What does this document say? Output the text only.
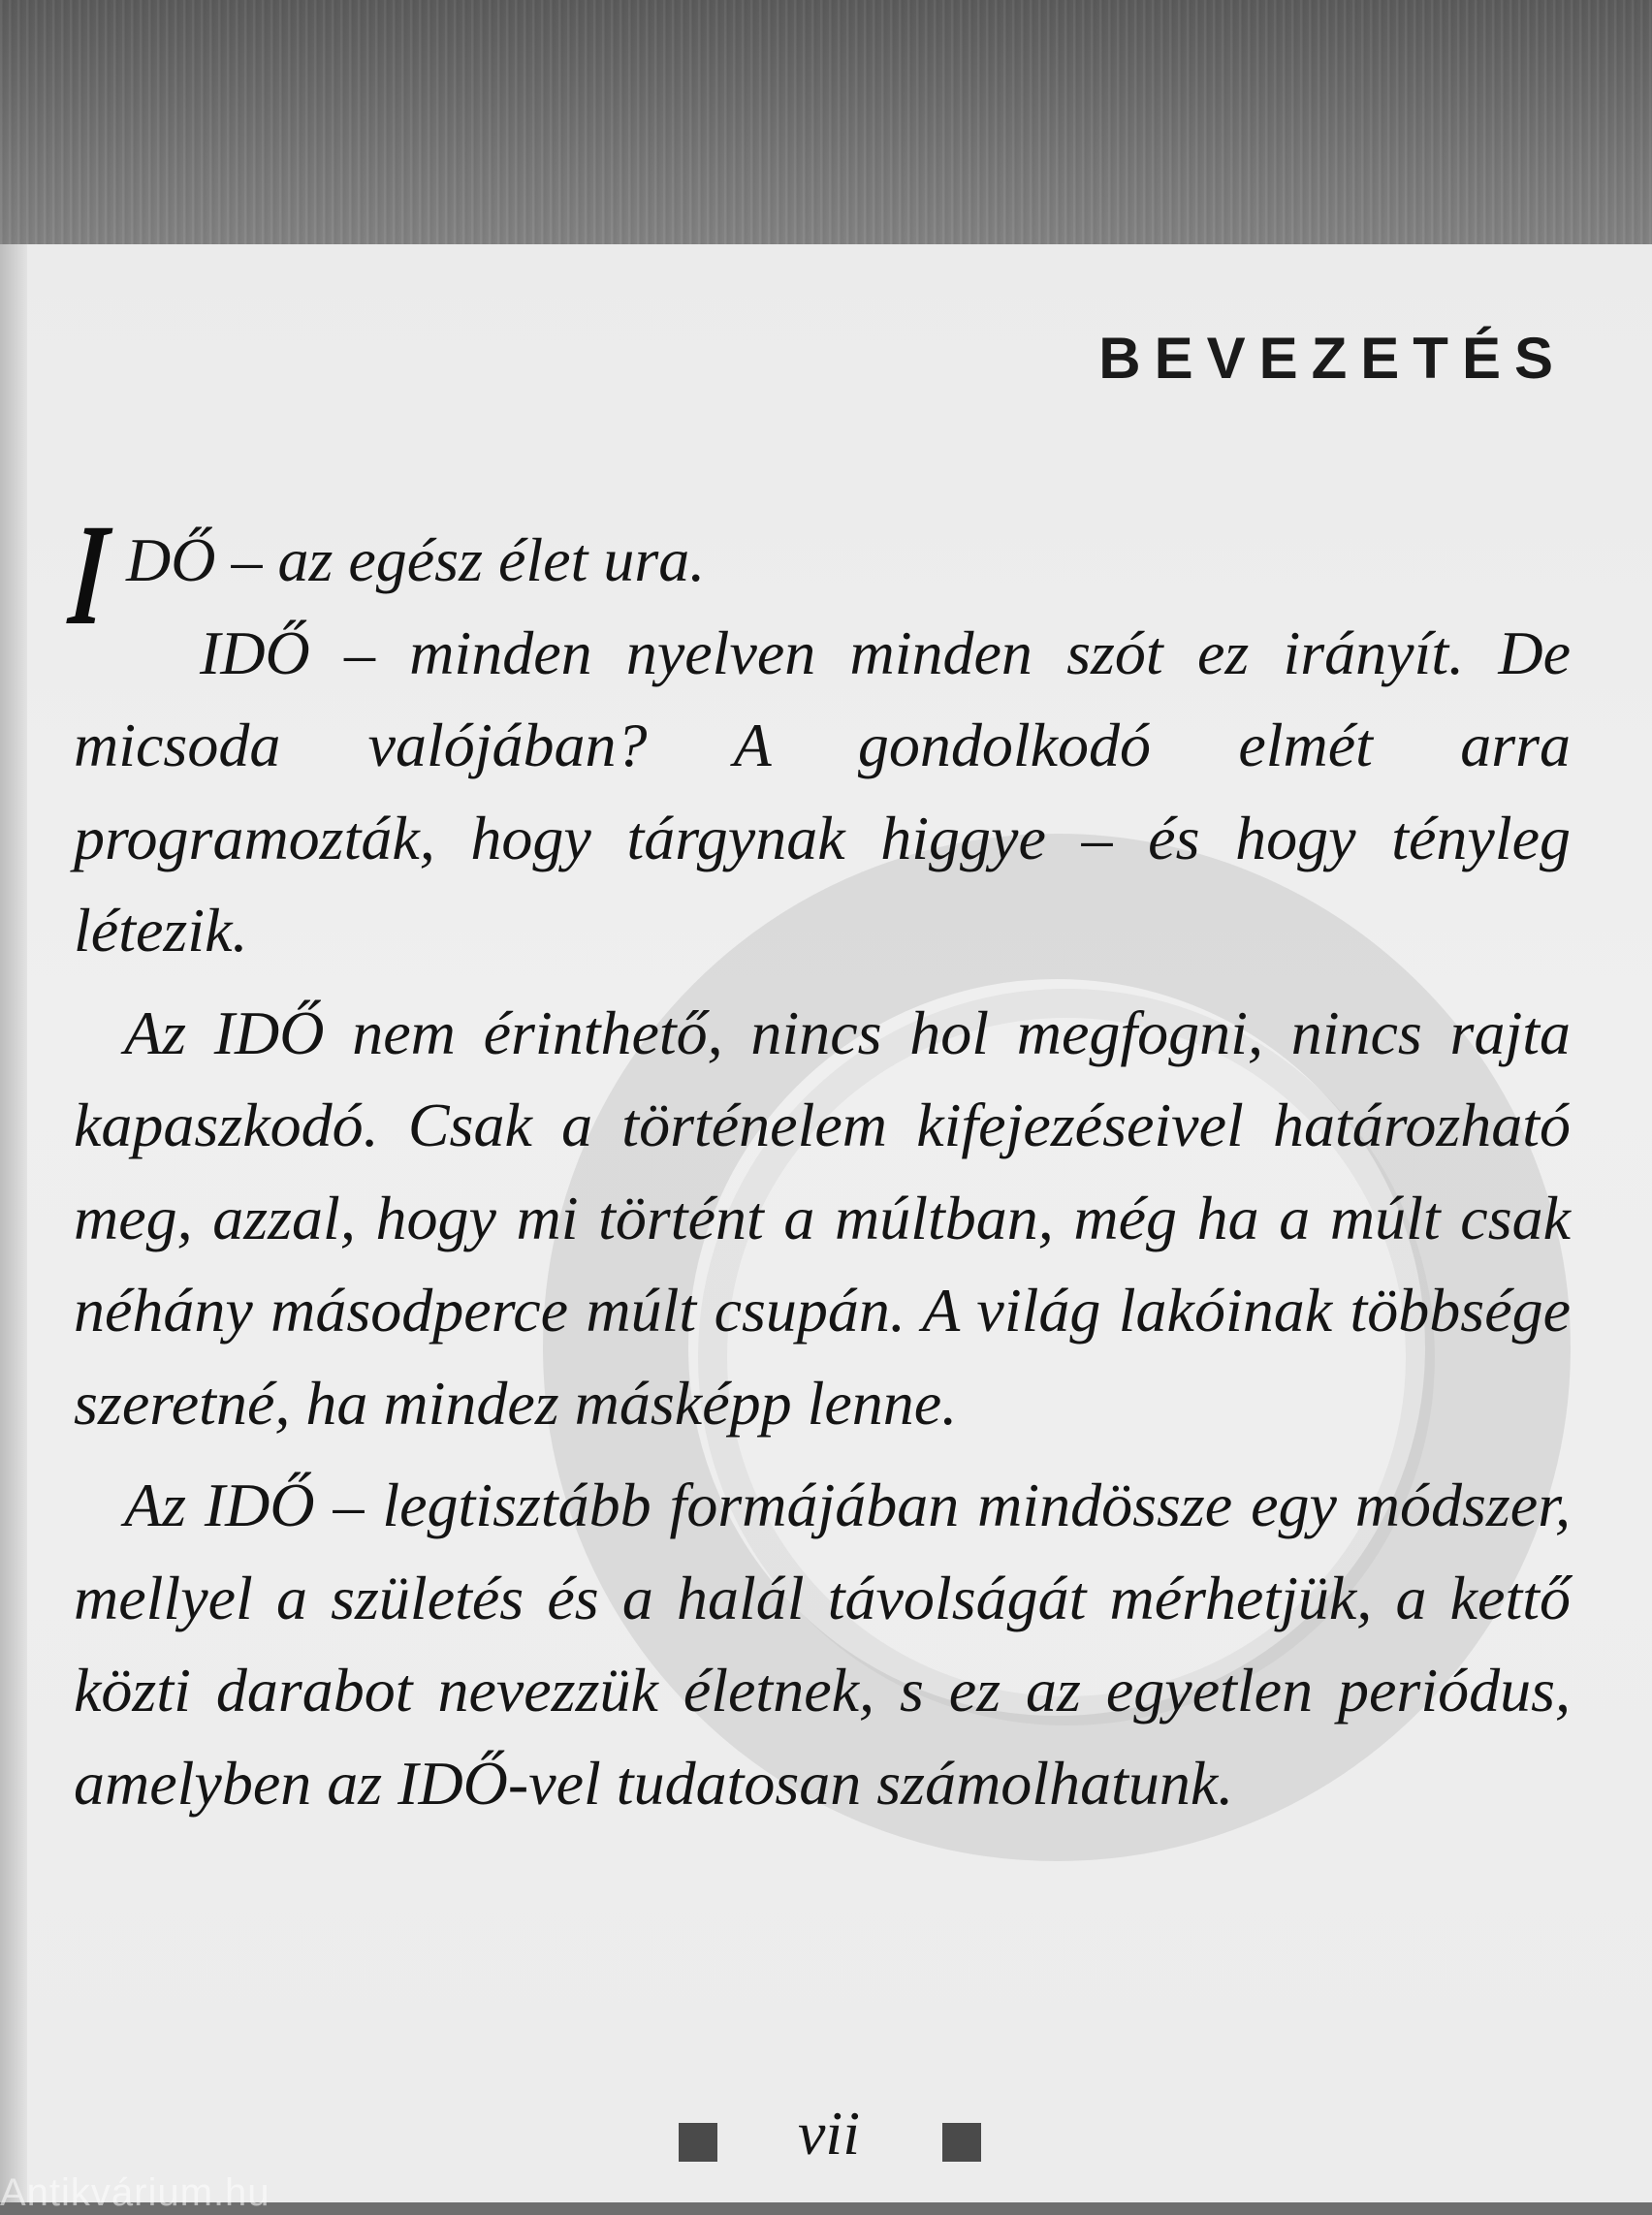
BEVEZETÉS
I DŐ – az egész élet ura.

IDŐ – minden nyelven minden szót ez irányít. De micsoda valójában? A gondolkodó elmét arra programozták, hogy tárgynak higgye – és hogy tényleg létezik.

Az IDŐ nem érinthető, nincs hol megfogni, nincs rajta kapaszkodó. Csak a történelem kifejezéseivel határozható meg, azzal, hogy mi történt a múltban, még ha a múlt csak néhány másodperce múlt csupán. A világ lakóinak többsége szeretné, ha mindez másképp lenne.

Az IDŐ – legtisztább formájában mindössze egy módszer, mellyel a születés és a halál távolságát mérhetjük, a kettő közti darabot nevezzük életnek, s ez az egyetlen periódus, amelyben az IDŐ-vel tudatosan számolhatunk.

vii
Antikvárium.hu
